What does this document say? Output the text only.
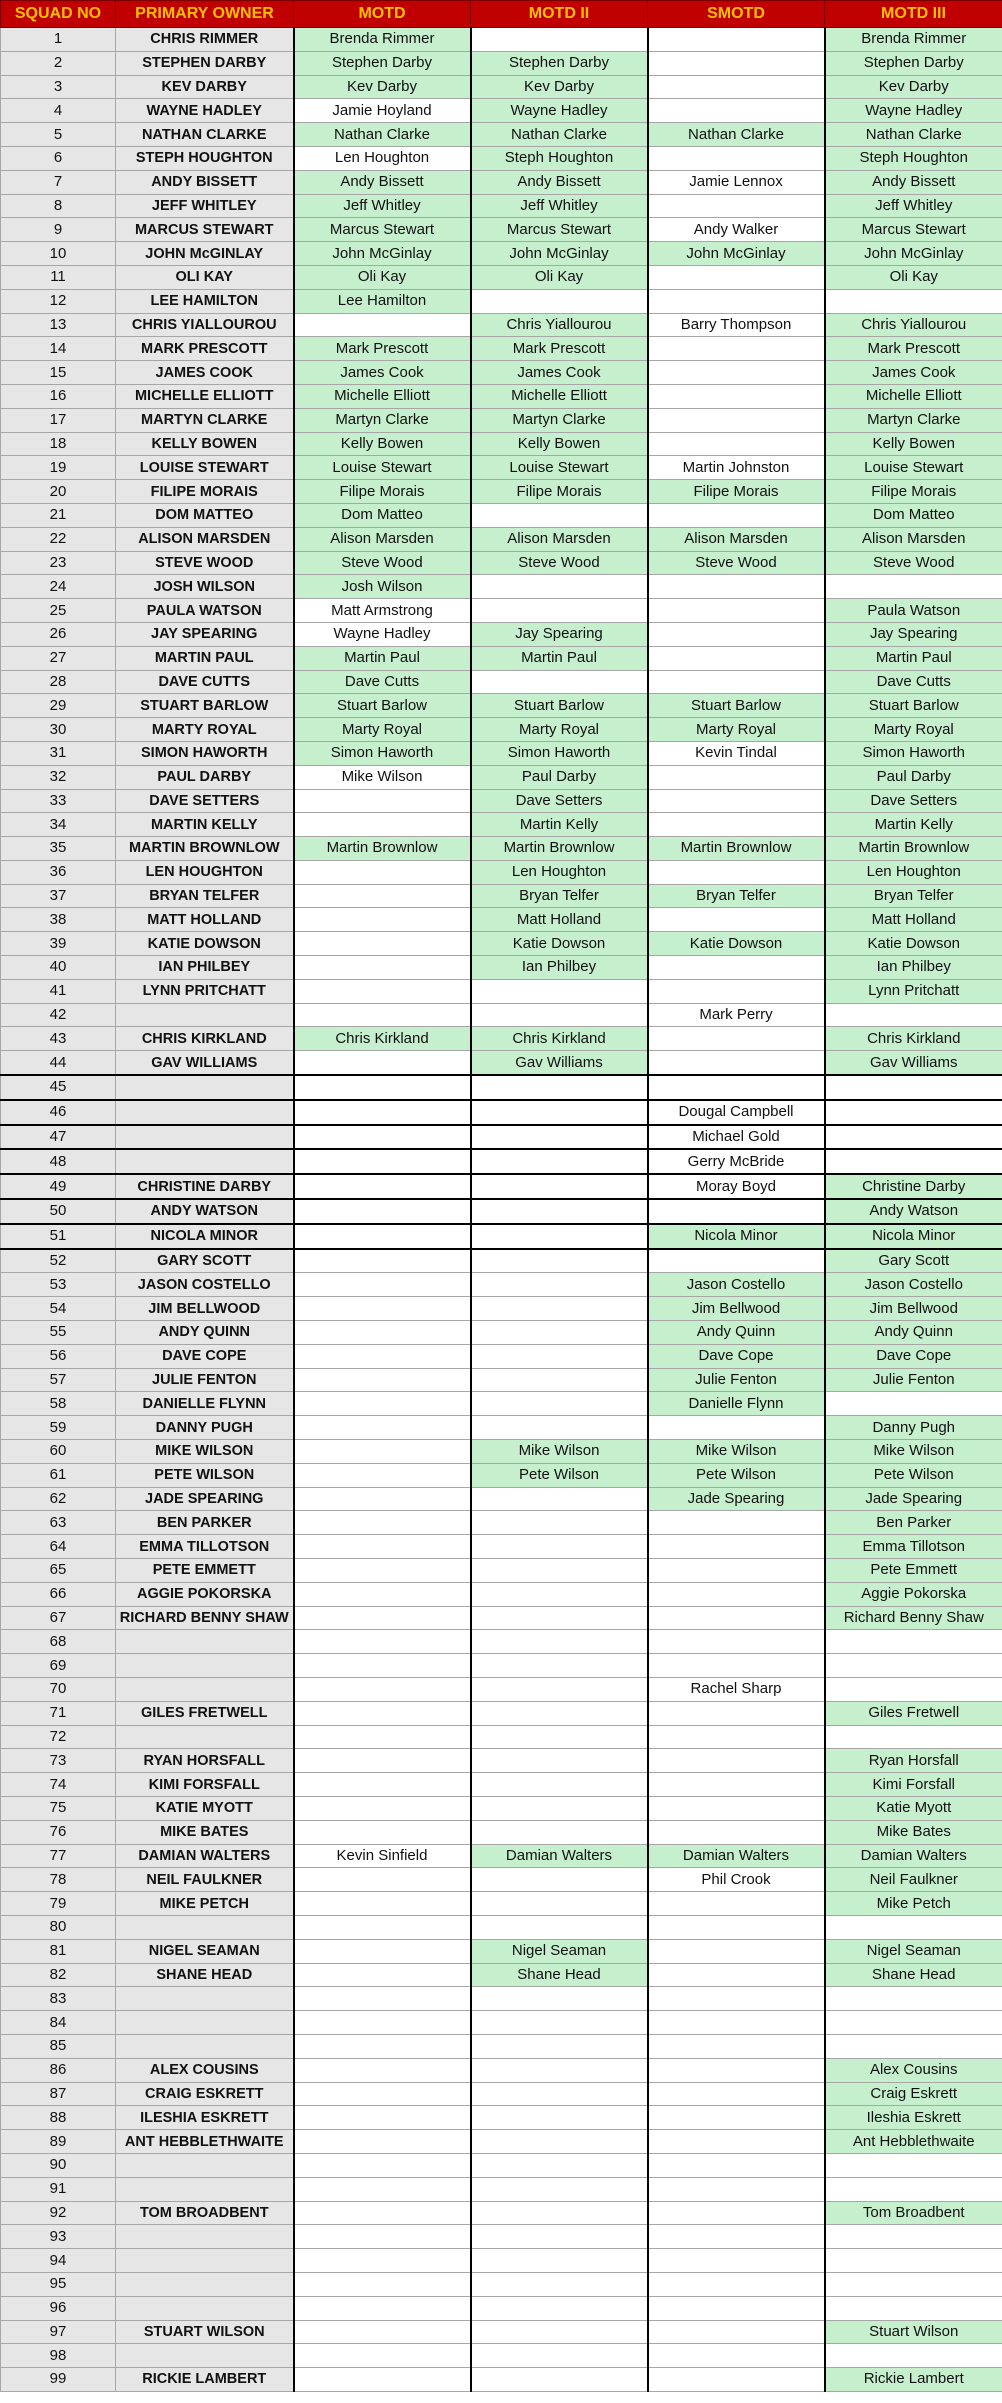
SQUAD NO	PRIMARY OWNER	MOTD	MOTD II	SMOTD	MOTD III
1	CHRIS RIMMER	Brenda Rimmer			Brenda Rimmer
2	STEPHEN DARBY	Stephen Darby	Stephen Darby		Stephen Darby
3	KEV DARBY	Kev Darby	Kev Darby		Kev Darby
4	WAYNE HADLEY	Jamie Hoyland	Wayne Hadley		Wayne Hadley
5	NATHAN CLARKE	Nathan Clarke	Nathan Clarke	Nathan Clarke	Nathan Clarke
6	STEPH HOUGHTON	Len Houghton	Steph Houghton		Steph Houghton
7	ANDY BISSETT	Andy Bissett	Andy Bissett	Jamie Lennox	Andy Bissett
8	JEFF WHITLEY	Jeff Whitley	Jeff Whitley		Jeff Whitley
9	MARCUS STEWART	Marcus Stewart	Marcus Stewart	Andy Walker	Marcus Stewart
10	JOHN McGINLAY	John McGinlay	John McGinlay	John McGinlay	John McGinlay
11	OLI KAY	Oli Kay	Oli Kay		Oli Kay
12	LEE HAMILTON	Lee Hamilton			
13	CHRIS YIALLOUROU		Chris Yiallourou	Barry Thompson	Chris Yiallourou
14	MARK PRESCOTT	Mark Prescott	Mark Prescott		Mark Prescott
15	JAMES COOK	James Cook	James Cook		James Cook
16	MICHELLE ELLIOTT	Michelle Elliott	Michelle Elliott		Michelle Elliott
17	MARTYN CLARKE	Martyn Clarke	Martyn Clarke		Martyn Clarke
18	KELLY BOWEN	Kelly Bowen	Kelly Bowen		Kelly Bowen
19	LOUISE STEWART	Louise Stewart	Louise Stewart	Martin Johnston	Louise Stewart
20	FILIPE MORAIS	Filipe Morais	Filipe Morais	Filipe Morais	Filipe Morais
21	DOM MATTEO	Dom Matteo			Dom Matteo
22	ALISON MARSDEN	Alison Marsden	Alison Marsden	Alison Marsden	Alison Marsden
23	STEVE WOOD	Steve Wood	Steve Wood	Steve Wood	Steve Wood
24	JOSH WILSON	Josh Wilson			
25	PAULA WATSON	Matt Armstrong			Paula Watson
26	JAY SPEARING	Wayne Hadley	Jay Spearing		Jay Spearing
27	MARTIN PAUL	Martin Paul	Martin Paul		Martin Paul
28	DAVE CUTTS	Dave Cutts			Dave Cutts
29	STUART BARLOW	Stuart Barlow	Stuart Barlow	Stuart Barlow	Stuart Barlow
30	MARTY ROYAL	Marty Royal	Marty Royal	Marty Royal	Marty Royal
31	SIMON HAWORTH	Simon Haworth	Simon Haworth	Kevin Tindal	Simon Haworth
32	PAUL DARBY	Mike Wilson	Paul Darby		Paul Darby
33	DAVE SETTERS		Dave Setters		Dave Setters
34	MARTIN KELLY		Martin Kelly		Martin Kelly
35	MARTIN BROWNLOW	Martin Brownlow	Martin Brownlow	Martin Brownlow	Martin Brownlow
36	LEN HOUGHTON		Len Houghton		Len Houghton
37	BRYAN TELFER		Bryan Telfer	Bryan Telfer	Bryan Telfer
38	MATT HOLLAND		Matt Holland		Matt Holland
39	KATIE DOWSON		Katie Dowson	Katie Dowson	Katie Dowson
40	IAN PHILBEY		Ian Philbey		Ian Philbey
41	LYNN PRITCHATT				Lynn Pritchatt
42				Mark Perry	
43	CHRIS KIRKLAND	Chris Kirkland	Chris Kirkland		Chris Kirkland
44	GAV WILLIAMS		Gav Williams		Gav Williams
45					
46				Dougal Campbell	
47				Michael Gold	
48				Gerry McBride	
49	CHRISTINE DARBY			Moray Boyd	Christine Darby
50	ANDY WATSON				Andy Watson
51	NICOLA MINOR			Nicola Minor	Nicola Minor
52	GARY SCOTT				Gary Scott
53	JASON COSTELLO			Jason Costello	Jason Costello
54	JIM BELLWOOD			Jim Bellwood	Jim Bellwood
55	ANDY QUINN			Andy Quinn	Andy Quinn
56	DAVE COPE			Dave Cope	Dave Cope
57	JULIE FENTON			Julie Fenton	Julie Fenton
58	DANIELLE FLYNN			Danielle Flynn	
59	DANNY PUGH				Danny Pugh
60	MIKE WILSON		Mike Wilson	Mike Wilson	Mike Wilson
61	PETE WILSON		Pete Wilson	Pete Wilson	Pete Wilson
62	JADE SPEARING			Jade Spearing	Jade Spearing
63	BEN PARKER				Ben Parker
64	EMMA TILLOTSON				Emma Tillotson
65	PETE EMMETT				Pete Emmett
66	AGGIE POKORSKA				Aggie Pokorska
67	RICHARD BENNY SHAW				Richard Benny Shaw
68					
69					
70				Rachel Sharp	
71	GILES FRETWELL				Giles Fretwell
72					
73	RYAN HORSFALL				Ryan Horsfall
74	KIMI FORSFALL				Kimi Forsfall
75	KATIE MYOTT				Katie Myott
76	MIKE BATES				Mike Bates
77	DAMIAN WALTERS	Kevin Sinfield	Damian Walters	Damian Walters	Damian Walters
78	NEIL FAULKNER			Phil Crook	Neil Faulkner
79	MIKE PETCH				Mike Petch
80					
81	NIGEL SEAMAN		Nigel Seaman		Nigel Seaman
82	SHANE HEAD		Shane Head		Shane Head
83					
84					
85					
86	ALEX COUSINS				Alex Cousins
87	CRAIG ESKRETT				Craig Eskrett
88	ILESHIA ESKRETT				Ileshia Eskrett
89	ANT HEBBLETHWAITE				Ant Hebblethwaite
90					
91					
92	TOM BROADBENT				Tom Broadbent
93					
94					
95					
96					
97	STUART WILSON				Stuart Wilson
98					
99	RICKIE LAMBERT				Rickie Lambert
